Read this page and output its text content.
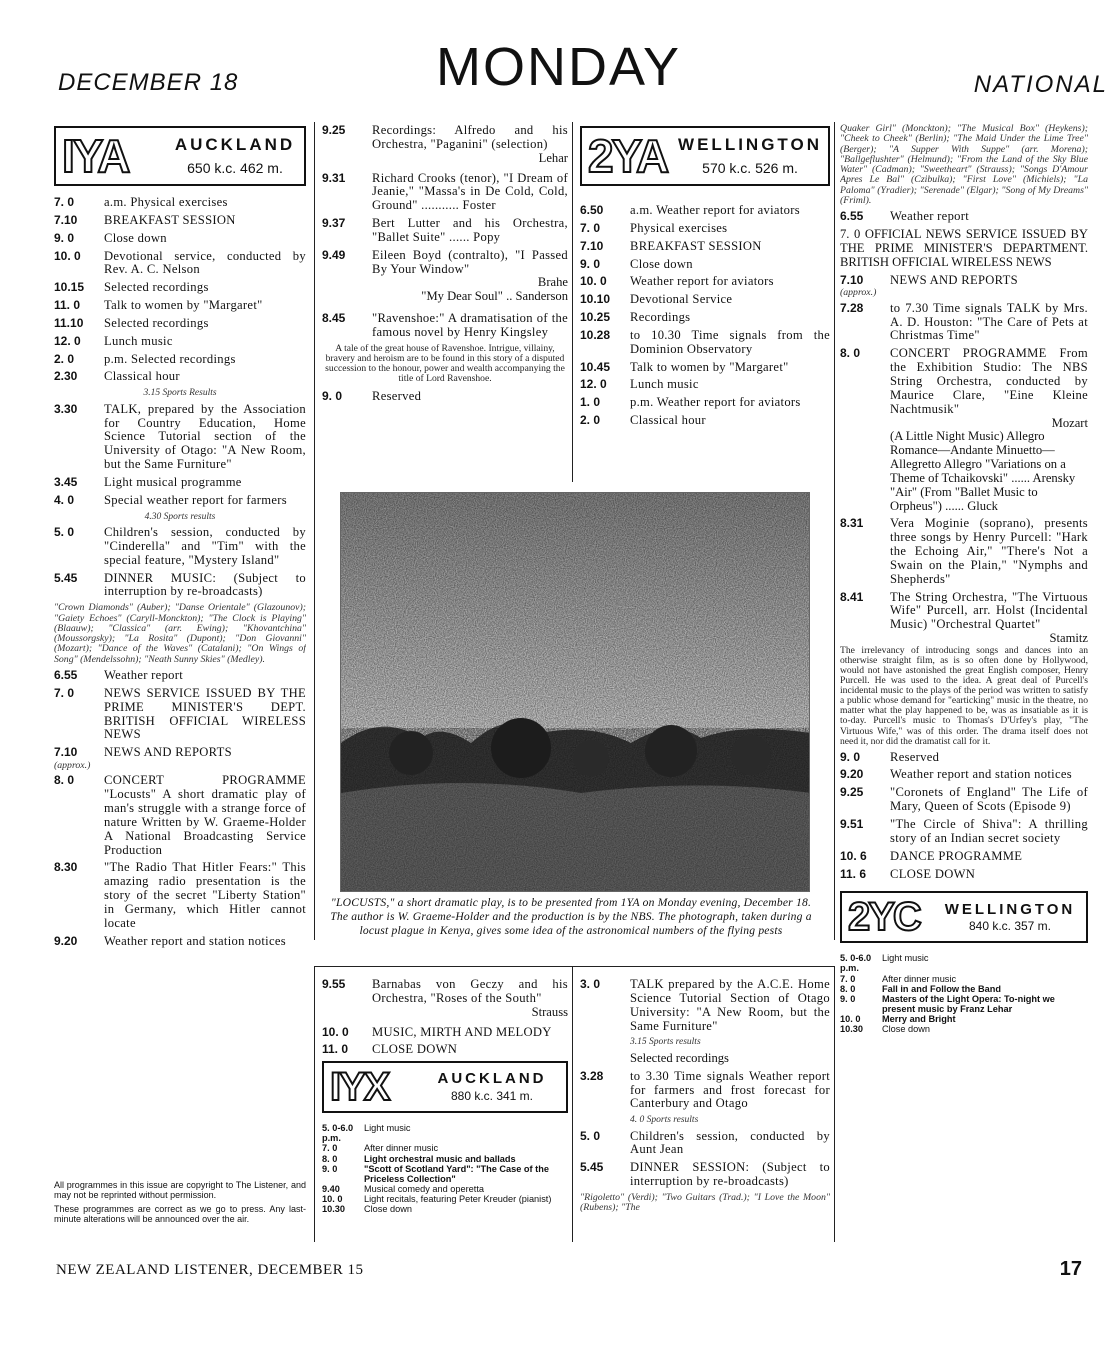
DECEMBER 18	MONDAY	NATIONAL
IYA	AUCKLAND
650 k.c. 462 m.
7. 0	a.m. Physical exercises
7.10	BREAKFAST SESSION
9. 0	Close down
10. 0	Devotional service, conducted by Rev. A. C. Nelson
10.15	Selected recordings
11. 0	Talk to women by "Margaret"
11.10	Selected recordings
12. 0	Lunch music
2. 0	p.m. Selected recordings
2.30	Classical hour
3.15 Sports Results
3.30	TALK, prepared by the Association for Country Education, Home Science Tutorial section of the University of Otago: "A New Room, but the Same Furniture"
3.45	Light musical programme
4. 0	Special weather report for farmers
4.30 Sports results
5. 0	Children's session, conducted by "Cinderella" and "Tim" with the special feature, "Mystery Island"
5.45	DINNER MUSIC: (Subject to interruption by re-broadcasts)
"Crown Diamonds" (Auber); "Danse Orientale" (Glazounov); "Gaiety Echoes" (Caryll-Monckton); "The Clock is Playing" (Blaauw); "Classica" (arr. Ewing); "Khovantchina" (Moussorgsky); "La Rosita" (Dupont); "Don Giovanni" (Mozart); "Dance of the Waves" (Catalani); "On Wings of Song" (Mendelssohn); "Neath Sunny Skies" (Medley).
6.55	Weather report
7. 0	NEWS SERVICE ISSUED BY THE PRIME MINISTER'S DEPT. BRITISH OFFICIAL WIRELESS NEWS
7.10	NEWS AND REPORTS
(approx.)
8. 0	CONCERT PROGRAMME "Locusts" A short dramatic play of man's struggle with a strange force of nature Written by W. Graeme-Holder A National Broadcasting Service Production
8.30	"The Radio That Hitler Fears:" This amazing radio presentation is the story of the secret "Liberty Station" in Germany, which Hitler cannot locate
9.20	Weather report and station notices
9.25	Recordings: Alfredo and his Orchestra, "Paganini" (selection)
Lehar
9.31	Richard Crooks (tenor), "I Dream of Jeanie," "Massa's in De Cold, Cold, Ground" ........... Foster
9.37	Bert Lutter and his Orchestra, "Ballet Suite" ...... Popy
9.49	Eileen Boyd (contralto), "I Passed By Your Window"
Brahe
"My Dear Soul" .. Sanderson
8.45	"Ravenshoe:" A dramatisation of the famous novel by Henry Kingsley
A tale of the great house of Ravenshoe. Intrigue, villainy, bravery and heroism are to be found in this story of a disputed succession to the honour, power and wealth accompanying the title of Lord Ravenshoe.
9. 0	Reserved
2YA WELLINGTON
570 k.c. 526 m.
6.50	a.m. Weather report for aviators
7. 0	Physical exercises
7.10	BREAKFAST SESSION
9. 0	Close down
10. 0	Weather report for aviators
10.10	Devotional Service
10.25	Recordings
10.28	to 10.30 Time signals from the Dominion Observatory
10.45	Talk to women by "Margaret"
12. 0	Lunch music
1. 0	p.m. Weather report for aviators
2. 0	Classical hour
Quaker Girl" (Monckton); "The Musical Box" (Heykens); "Cheek to Cheek" (Berlin); "The Maid Under the Lime Tree" (Berger); "A Supper With Suppe" (arr. Morena); "Ballgeflushter" (Helmund); "From the Land of the Sky Blue Water" (Cadman); "Sweetheart" (Strauss); "Songs D'Amour Apres Le Bal" (Czibulka); "First Love" (Michiels); "La Paloma" (Yradier); "Serenade" (Elgar); "Song of My Dreams" (Friml).
6.55	Weather report
7. 0 OFFICIAL NEWS SERVICE ISSUED BY THE PRIME MINISTER'S DEPARTMENT. BRITISH OFFICIAL WIRELESS NEWS
7.10	NEWS AND REPORTS
(approx.)
7.28	to 7.30 Time signals TALK by Mrs. A. D. Houston: "The Care of Pets at Christmas Time"
8. 0	CONCERT PROGRAMME From the Exhibition Studio: The NBS String Orchestra, conducted by Maurice Clare, "Eine Kleine Nachtmusik"
Mozart
(A Little Night Music) Allegro Romance—Andante Minuetto—Allegretto Allegro "Variations on a Theme of Tchaikovski" ...... Arensky "Air" (From "Ballet Music to Orpheus") ...... Gluck
8.31	Vera Moginie (soprano), presents three songs by Henry Purcell: "Hark the Echoing Air," "There's Not a Swain on the Plain," "Nymphs and Shepherds"
8.41	The String Orchestra, "The Virtuous Wife" Purcell, arr. Holst (Incidental Music) "Orchestral Quartet"
Stamitz
The irrelevancy of introducing songs and dances into an otherwise straight film, as is so often done by Hollywood, would not have astonished the great English composer, Henry Purcell. He was used to the idea. A great deal of Purcell's incidental music to the plays of the period was written to satisfy a public whose demand for "earticking" music in the theatre, no matter what the play happened to be, was as insatiable as it is to-day. Purcell's music to Thomas's D'Urfey's play, "The Virtuous Wife," was of this order. The drama itself does not need it, nor did the dramatist call for it.
9. 0	Reserved
9.20	Weather report and station notices
9.25	"Coronets of England" The Life of Mary, Queen of Scots (Episode 9)
9.51	"The Circle of Shiva": A thrilling story of an Indian secret society
10. 6	DANCE PROGRAMME
11. 6	CLOSE DOWN
2YC	WELLINGTON
840 k.c. 357 m.
5. 0-6.0 p.m.
Light music
7. 0	After dinner music
8. 0	Fall in and Follow the Band
9. 0	Masters of the Light Opera: To-night we present music by Franz Lehar
10. 0	Merry and Bright
10.30	Close down
"LOCUSTS," a short dramatic play, is to be presented from 1YA on Monday evening, December 18. The author is W. Graeme-Holder and the production is by the NBS. The photograph, taken during a locust plague in Kenya, gives some idea of the astronomical numbers of the flying pests
9.55	Barnabas von Geczy and his Orchestra, "Roses of the South"
Strauss
10. 0	MUSIC, MIRTH AND MELODY
11. 0	CLOSE DOWN
IYX	AUCKLAND
880 k.c. 341 m.
5. 0-6.0 p.m.
Light music
7. 0	After dinner music
8. 0	Light orchestral music and ballads
9. 0	"Scott of Scotland Yard": "The Case of the Priceless Collection"
9.40	Musical comedy and operetta
10. 0	Light recitals, featuring Peter Kreuder (pianist)
10.30	Close down
3. 0	TALK prepared by the A.C.E. Home Science Tutorial Section of Otago University: "A New Room, but the Same Furniture"
3.15 Sports results
Selected recordings
3.28	to 3.30 Time signals Weather report for farmers and frost forecast for Canterbury and Otago
4. 0 Sports results
5. 0	Children's session, conducted by Aunt Jean
5.45	DINNER SESSION: (Subject to interruption by re-broadcasts)
"Rigoletto" (Verdi); "Two Guitars (Trad.); "I Love the Moon" (Rubens); "The

All programmes in this issue are copyright to The Listener, and may not be reprinted without permission.

These programmes are correct as we go to press. Any last-minute alterations will be announced over the air.

NEW ZEALAND LISTENER, DECEMBER 15	17
